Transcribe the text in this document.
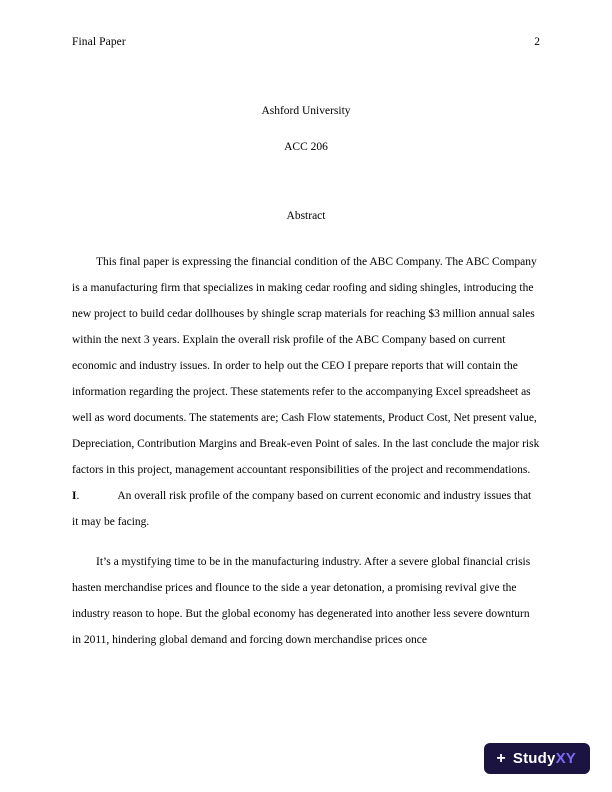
Final Paper	2
Ashford University
ACC 206
Abstract

This final paper is expressing the financial condition of the ABC Company. The ABC Company is a manufacturing firm that specializes in making cedar roofing and siding shingles, introducing the new project to build cedar dollhouses by shingle scrap materials for reaching $3 million annual sales within the next 3 years. Explain the overall risk profile of the ABC Company based on current economic and industry issues. In order to help out the CEO I prepare reports that will contain the information regarding the project. These statements refer to the accompanying Excel spreadsheet as well as word documents. The statements are; Cash Flow statements, Product Cost, Net present value, Depreciation, Contribution Margins and Break-even Point of sales. In the last conclude the major risk factors in this project, management accountant responsibilities of the project and recommendations.

I.	An overall risk profile of the company based on current economic and industry issues that it may be facing.

It’s a mystifying time to be in the manufacturing industry. After a severe global financial crisis hasten merchandise prices and flounce to the side a year detonation, a promising revival give the industry reason to hope. But the global economy has degenerated into another less severe downturn in 2011, hindering global demand and forcing down merchandise prices once

+ Study XY
